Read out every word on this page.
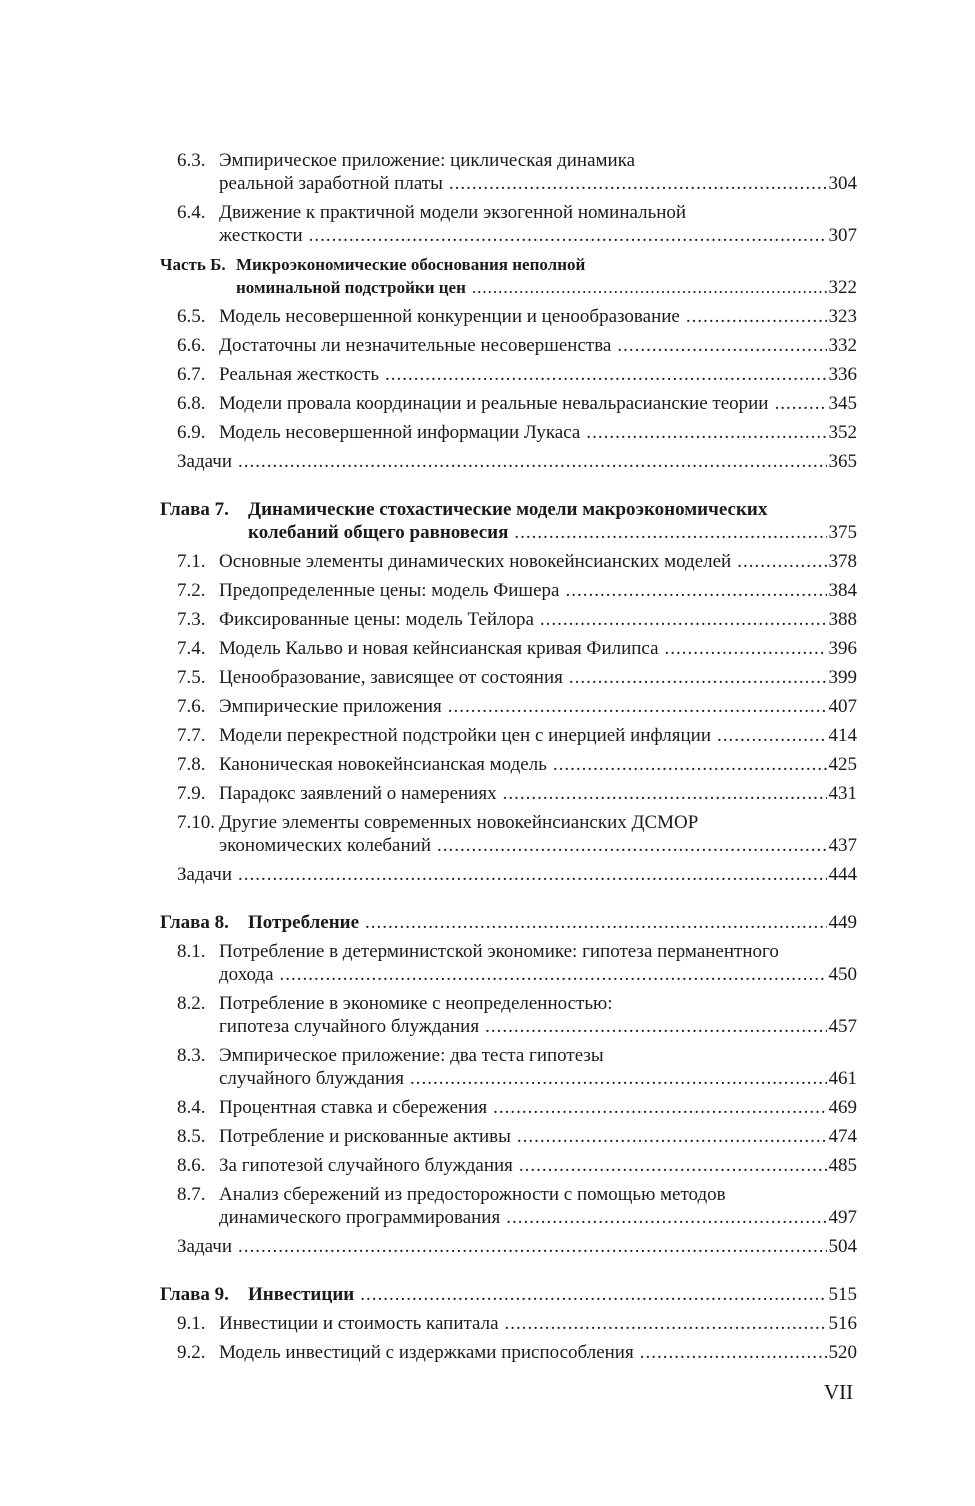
6.3. Эмпирическое приложение: циклическая динамика
реальной заработной платы .....	304
6.4. Движение к практичной модели экзогенной номинальной
жесткости .....	307
Часть Б. Микроэкономические обоснования неполной
номинальной подстройки цен .....	322
6.5. Модель несовершенной конкуренции и ценообразование .....	323
6.6. Достаточны ли незначительные несовершенства .....	332
6.7. Реальная жесткость .....	336
6.8. Модели провала координации и реальные невальрасианские теории .....	345
6.9. Модель несовершенной информации Лукаса .....	352
Задачи .....	365
Глава 7.	Динамические стохастические модели макроэкономических
колебаний общего равновесия .....	375
7.1. Основные элементы динамических новокейнсианских моделей .....	378
7.2. Предопределенные цены: модель Фишера .....	384
7.3. Фиксированные цены: модель Тейлора .....	388
7.4. Модель Кальво и новая кейнсианская кривая Филипса .....	396
7.5. Ценообразование, зависящее от состояния .....	399
7.6. Эмпирические приложения .....	407
7.7. Модели перекрестной подстройки цен с инерцией инфляции .....	414
7.8. Каноническая новокейнсианская модель .....	425
7.9. Парадокс заявлений о намерениях .....	431
7.10. Другие элементы современных новокейнсианских ДСМОР
экономических колебаний .....	437
Задачи .....	444
Глава 8.	Потребление .....	449
8.1. Потребление в детерминистской экономике: гипотеза перманентного
дохода .....	450
8.2. Потребление в экономике с неопределенностью:
гипотеза случайного блуждания .....	457
8.3. Эмпирическое приложение: два теста гипотезы
случайного блуждания .....	461
8.4. Процентная ставка и сбережения .....	469
8.5. Потребление и рискованные активы .....	474
8.6. За гипотезой случайного блуждания .....	485
8.7. Анализ сбережений из предосторожности с помощью методов
динамического программирования .....	497
Задачи .....	504
Глава 9.	Инвестиции .....	515
9.1. Инвестиции и стоимость капитала .....	516
9.2. Модель инвестиций с издержками приспособления .....	520
VII
